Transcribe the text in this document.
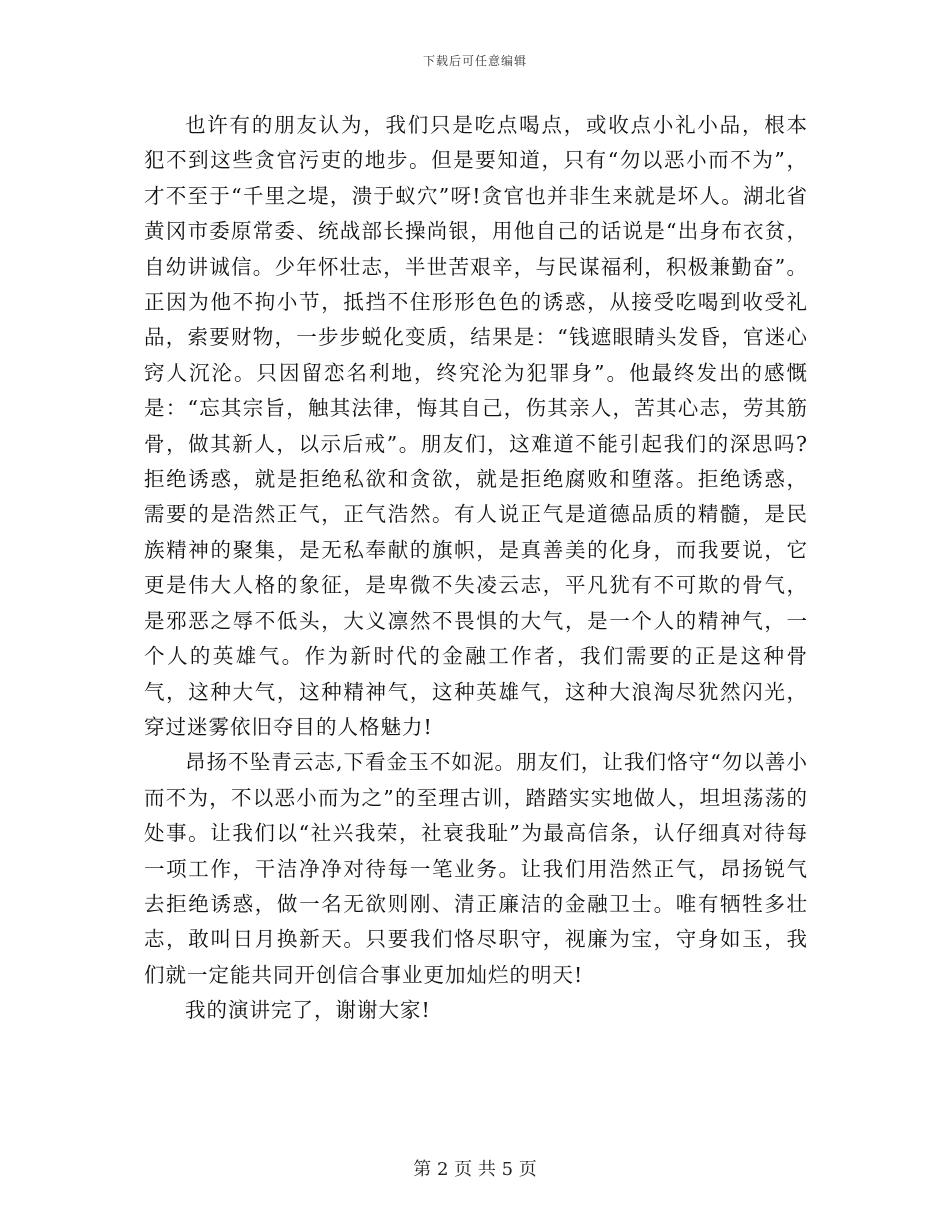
下载后可任意编辑

也许有的朋友认为，我们只是吃点喝点，或收点小礼小品，根本犯不到这些贪官污吏的地步。但是要知道，只有“勿以恶小而不为”，才不至于“千里之堤，溃于蚁穴”呀!贪官也并非生来就是坏人。湖北省黄冈市委原常委、统战部长操尚银，用他自己的话说是“出身布衣贫，自幼讲诚信。少年怀壮志，半世苦艰辛，与民谋福利，积极兼勤奋”。正因为他不拘小节，抵挡不住形形色色的诱惑，从接受吃喝到收受礼品，索要财物，一步步蜕化变质，结果是：“钱遮眼睛头发昏，官迷心窍人沉沦。只因留恋名利地，终究沦为犯罪身”。他最终发出的感慨是：“忘其宗旨，触其法律，悔其自己，伤其亲人，苦其心志，劳其筋骨，做其新人，以示后戒”。朋友们，这难道不能引起我们的深思吗?拒绝诱惑，就是拒绝私欲和贪欲，就是拒绝腐败和堕落。拒绝诱惑，需要的是浩然正气，正气浩然。有人说正气是道德品质的精髓，是民族精神的聚集，是无私奉献的旗帜，是真善美的化身，而我要说，它更是伟大人格的象征，是卑微不失凌云志，平凡犹有不可欺的骨气，是邪恶之辱不低头，大义凛然不畏惧的大气，是一个人的精神气，一个人的英雄气。作为新时代的金融工作者，我们需要的正是这种骨气，这种大气，这种精神气，这种英雄气，这种大浪淘尽犹然闪光，穿过迷雾依旧夺目的人格魅力!

昂扬不坠青云志,下看金玉不如泥。朋友们，让我们恪守“勿以善小而不为，不以恶小而为之”的至理古训，踏踏实实地做人，坦坦荡荡的处事。让我们以“社兴我荣，社衰我耻”为最高信条，认仔细真对待每一项工作，干洁净净对待每一笔业务。让我们用浩然正气，昂扬锐气去拒绝诱惑，做一名无欲则刚、清正廉洁的金融卫士。唯有牺牲多壮志，敢叫日月换新天。只要我们恪尽职守，视廉为宝，守身如玉，我们就一定能共同开创信合事业更加灿烂的明天!

我的演讲完了，谢谢大家!

第 2 页 共 5 页
